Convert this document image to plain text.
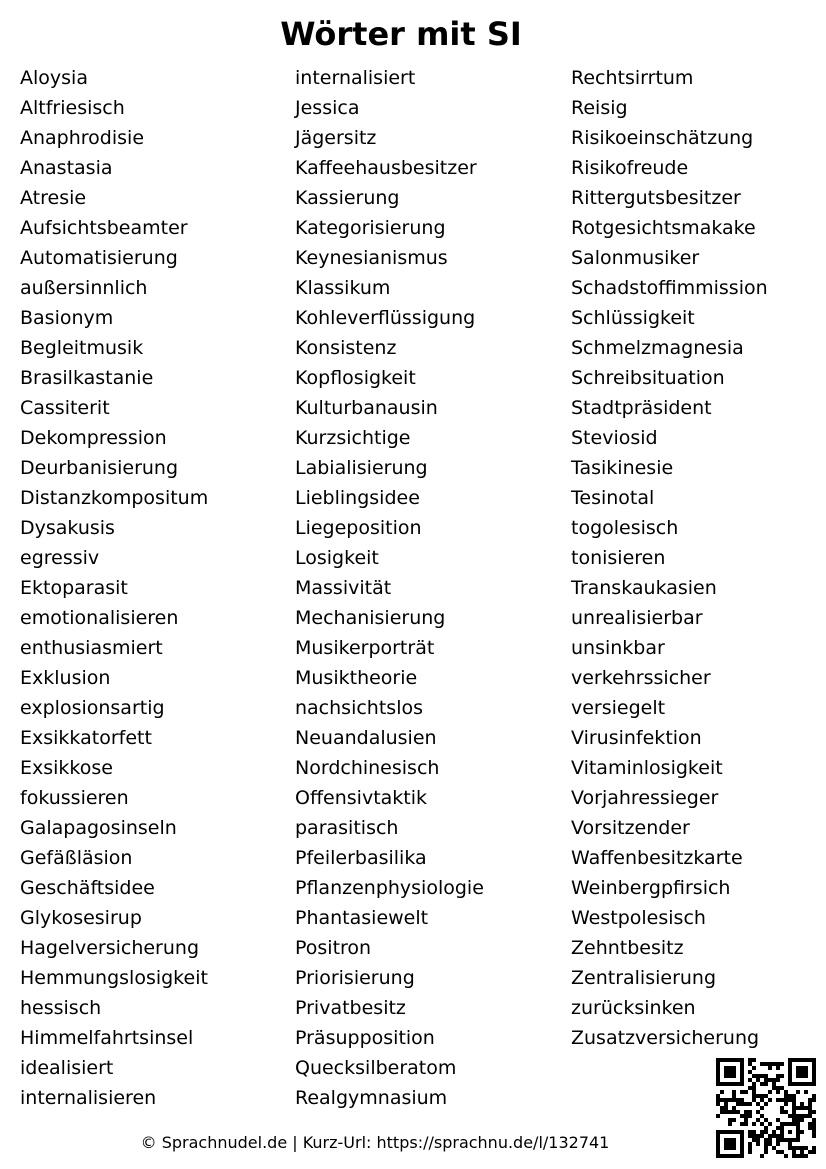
Wörter mit SI
Aloysia
Altfriesisch
Anaphrodisie
Anastasia
Atresie
Aufsichtsbeamter
Automatisierung
außersinnlich
Basionym
Begleitmusik
Brasilkastanie
Cassiterit
Dekompression
Deurbanisierung
Distanzkompositum
Dysakusis
egressiv
Ektoparasit
emotionalisieren
enthusiasmiert
Exklusion
explosionsartig
Exsikkatorfett
Exsikkose
fokussieren
Galapagosinseln
Gefäßläsion
Geschäftsidee
Glykosesirup
Hagelversicherung
Hemmungslosigkeit
hessisch
Himmelfahrtsinsel
idealisiert
internalisieren
internalisiert
Jessica
Jägersitz
Kaffeehausbesitzer
Kassierung
Kategorisierung
Keynesianismus
Klassikum
Kohleverflüssigung
Konsistenz
Kopflosigkeit
Kulturbanausin
Kurzsichtige
Labialisierung
Lieblingsidee
Liegeposition
Losigkeit
Massivität
Mechanisierung
Musikerporträt
Musiktheorie
nachsichtslos
Neuandalusien
Nordchinesisch
Offensivtaktik
parasitisch
Pfeilerbasilika
Pflanzenphysiologie
Phantasiewelt
Positron
Priorisierung
Privatbesitz
Präsupposition
Quecksilberatom
Realgymnasium
Rechtsirrtum
Reisig
Risikoeinschätzung
Risikofreude
Rittergutsbesitzer
Rotgesichtsmakake
Salonmusiker
Schadstoffimmission
Schlüssigkeit
Schmelzmagnesia
Schreibsituation
Stadtpräsident
Steviosid
Tasikinesie
Tesinotal
togolesisch
tonisieren
Transkaukasien
unrealisierbar
unsinkbar
verkehrssicher
versiegelt
Virusinfektion
Vitaminlosigkeit
Vorjahressieger
Vorsitzender
Waffenbesitzkarte
Weinbergpfirsich
Westpolesisch
Zehntbesitz
Zentralisierung
zurücksinken
Zusatzversicherung
© Sprachnudel.de | Kurz-Url: https://sprachnu.de/l/132741
